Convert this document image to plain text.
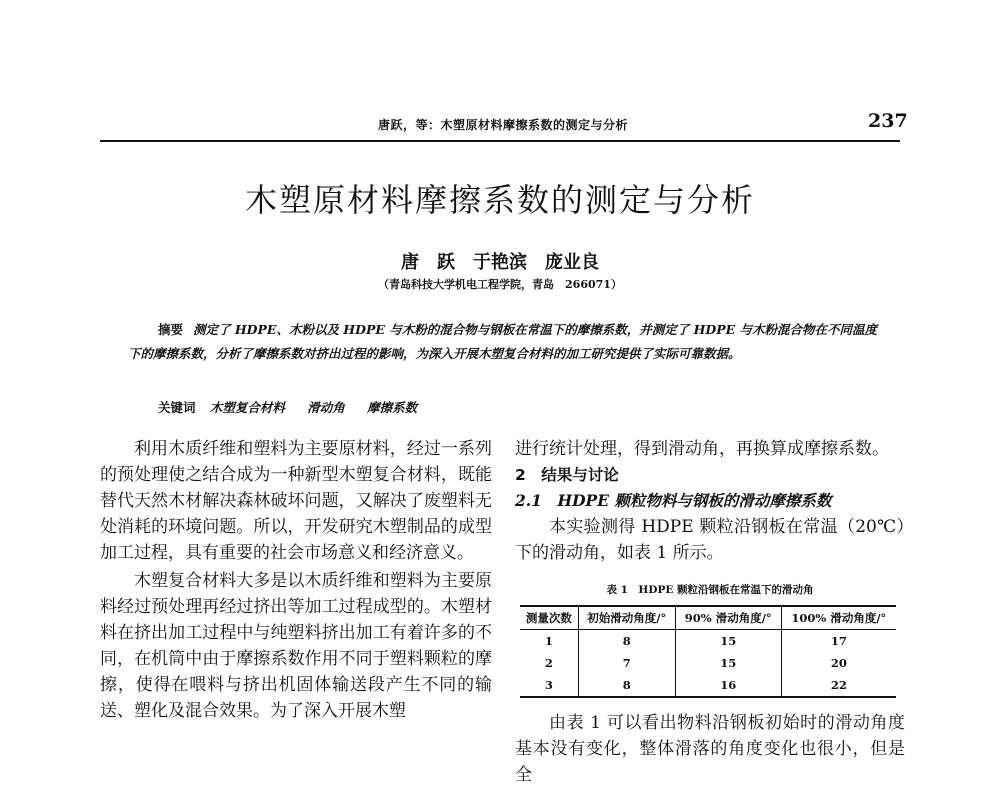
唐跃，等：木塑原材料摩擦系数的测定与分析	237
木塑原材料摩擦系数的测定与分析
唐　跃　于艳滨　庞业良
（青岛科技大学机电工程学院，青岛　266071）
摘要 测定了 HDPE、木粉以及 HDPE 与木粉的混合物与钢板在常温下的摩擦系数，并测定了 HDPE 与木粉混合物在不同温度下的摩擦系数，分析了摩擦系数对挤出过程的影响，为深入开展木塑复合材料的加工研究提供了实际可靠数据。
关键词 木塑复合材料 滑动角 摩擦系数

利用木质纤维和塑料为主要原材料，经过一系列的预处理使之结合成为一种新型木塑复合材料，既能替代天然木材解决森林破坏问题，又解决了废塑料无处消耗的环境问题。所以，开发研究木塑制品的成型加工过程，具有重要的社会市场意义和经济意义。

木塑复合材料大多是以木质纤维和塑料为主要原料经过预处理再经过挤出等加工过程成型的。木塑材料在挤出加工过程中与纯塑料挤出加工有着许多的不同，在机筒中由于摩擦系数作用不同于塑料颗粒的摩擦，使得在喂料与挤出机固体输送段产生不同的输送、塑化及混合效果。为了深入开展木塑

进行统计处理，得到滑动角，再换算成摩擦系数。

2　结果与讨论

2.1　HDPE 颗粒物料与钢板的滑动摩擦系数

本实验测得 HDPE 颗粒沿钢板在常温（20℃）下的滑动角，如表 1 所示。

表 1　HDPE 颗粒沿钢板在常温下的滑动角
测量次数	初始滑动角度/°	90% 滑动角度/°	100% 滑动角度/°
1	8	15	17
2	7	15	20
3	8	16	22

由表 1 可以看出物料沿钢板初始时的滑动角度基本没有变化，整体滑落的角度变化也很小，但是全
